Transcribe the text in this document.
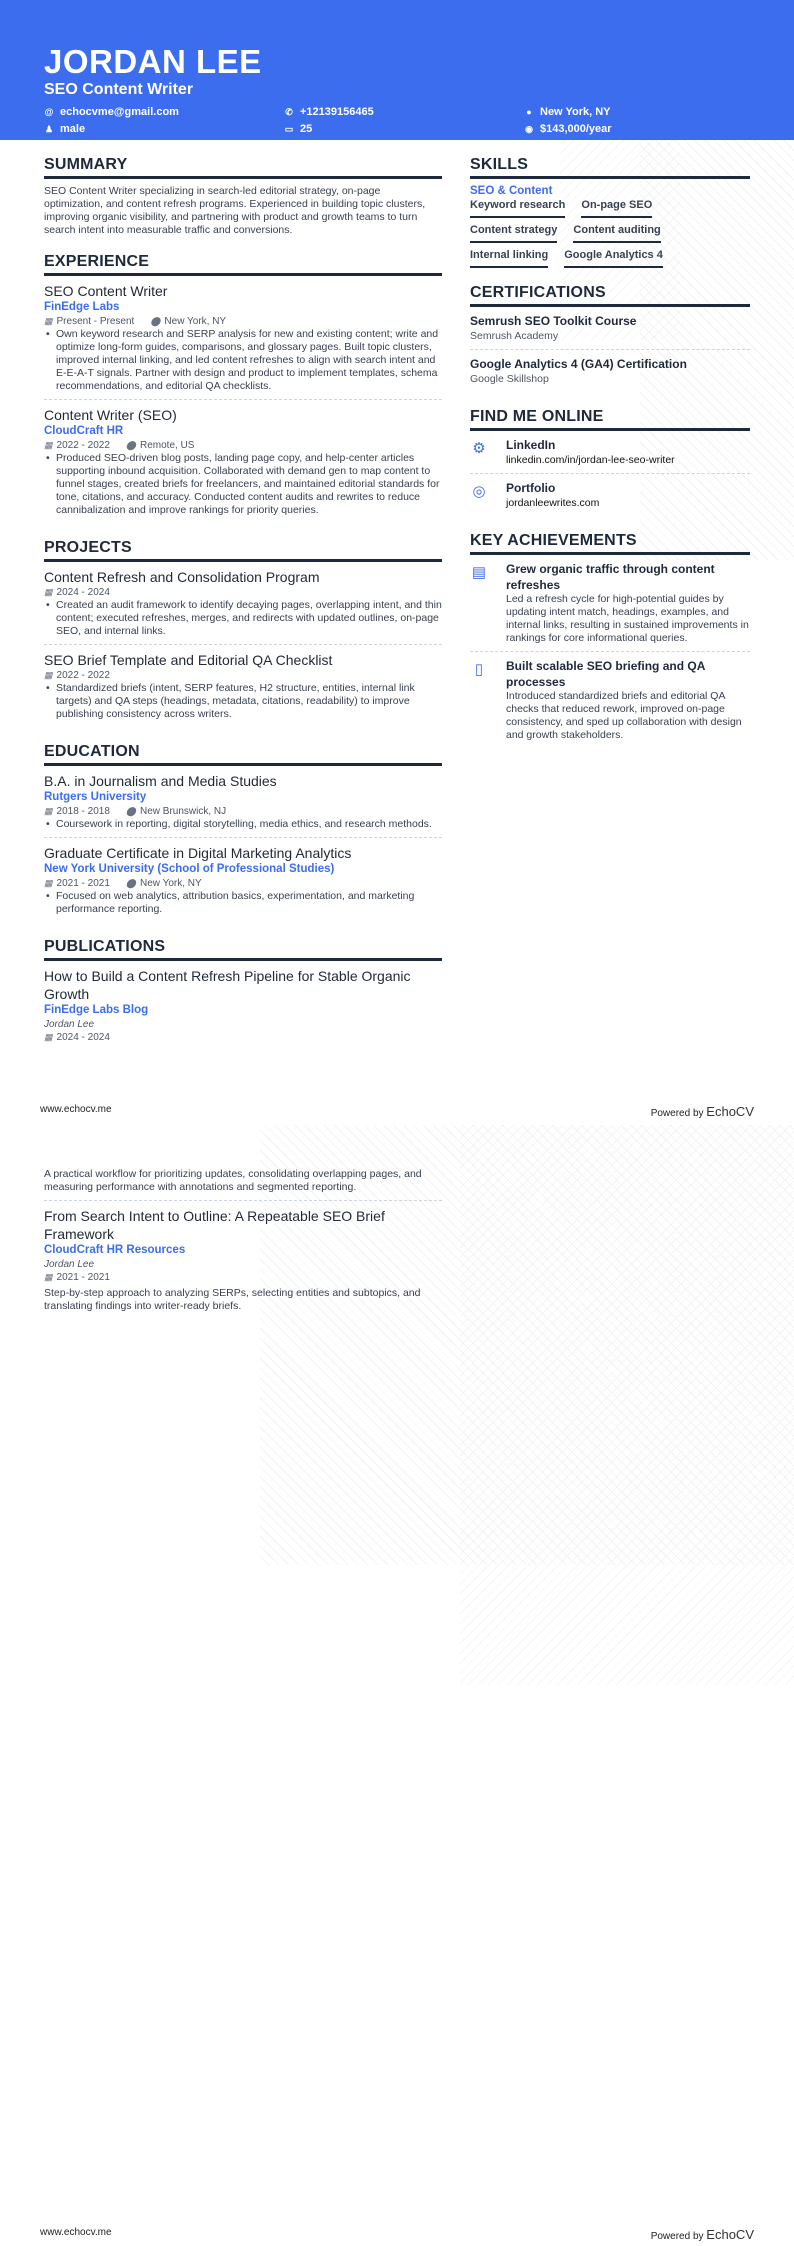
JORDAN LEE
SEO Content Writer
@ echocvme@gmail.com	✆ +12139156465	● New York, NY
♟ male	▭ 25	◉ $143,000/year
SUMMARY

SEO Content Writer specializing in search-led editorial strategy, on-page optimization, and content refresh programs. Experienced in building topic clusters, improving organic visibility, and partnering with product and growth teams to turn search intent into measurable traffic and conversions.

EXPERIENCE
SEO Content Writer
FinEdge Labs
▦ Present - Present ⬤ New York, NY
• Own keyword research and SERP analysis for new and existing content; write and optimize long-form guides, comparisons, and glossary pages. Built topic clusters, improved internal linking, and led content refreshes to align with search intent and E-E-A-T signals. Partner with design and product to implement templates, schema recommendations, and editorial QA checklists.
Content Writer (SEO)
CloudCraft HR
▦ 2022 - 2022 ⬤ Remote, US
• Produced SEO-driven blog posts, landing page copy, and help-center articles supporting inbound acquisition. Collaborated with demand gen to map content to funnel stages, created briefs for freelancers, and maintained editorial standards for tone, citations, and accuracy. Conducted content audits and rewrites to reduce cannibalization and improve rankings for priority queries.
PROJECTS
Content Refresh and Consolidation Program
▦ 2024 - 2024
• Created an audit framework to identify decaying pages, overlapping intent, and thin content; executed refreshes, merges, and redirects with updated outlines, on-page SEO, and internal links.
SEO Brief Template and Editorial QA Checklist
▦ 2022 - 2022
• Standardized briefs (intent, SERP features, H2 structure, entities, internal link targets) and QA steps (headings, metadata, citations, readability) to improve publishing consistency across writers.
EDUCATION
B.A. in Journalism and Media Studies
Rutgers University
▦ 2018 - 2018 ⬤ New Brunswick, NJ
• Coursework in reporting, digital storytelling, media ethics, and research methods.
Graduate Certificate in Digital Marketing Analytics
New York University (School of Professional Studies)
▦ 2021 - 2021 ⬤ New York, NY
• Focused on web analytics, attribution basics, experimentation, and marketing performance reporting.
PUBLICATIONS
How to Build a Content Refresh Pipeline for Stable Organic Growth
FinEdge Labs Blog
Jordan Lee
▦ 2024 - 2024
SKILLS
SEO & Content
Keyword research On-page SEO
Content strategy Content auditing
Internal linking Google Analytics 4
CERTIFICATIONS
Semrush SEO Toolkit Course
Semrush Academy
Google Analytics 4 (GA4) Certification
Google Skillshop
FIND ME ONLINE
⚙ LinkedIn
linkedin.com/in/jordan-lee-seo-writer
◎ Portfolio
jordanleewrites.com
KEY ACHIEVEMENTS
▤ Grew organic traffic through content refreshes

Led a refresh cycle for high-potential guides by updating intent match, headings, examples, and internal links, resulting in sustained improvements in rankings for core informational queries.

▯	Built scalable SEO briefing and QA processes

Introduced standardized briefs and editorial QA checks that reduced rework, improved on-page consistency, and sped up collaboration with design and growth stakeholders.

www.echocv.me	Powered by EchoCV

A practical workflow for prioritizing updates, consolidating overlapping pages, and measuring performance with annotations and segmented reporting.

From Search Intent to Outline: A Repeatable SEO Brief Framework
CloudCraft HR Resources
Jordan Lee
▦ 2021 - 2021

Step-by-step approach to analyzing SERPs, selecting entities and subtopics, and translating findings into writer-ready briefs.

www.echocv.me	Powered by EchoCV
